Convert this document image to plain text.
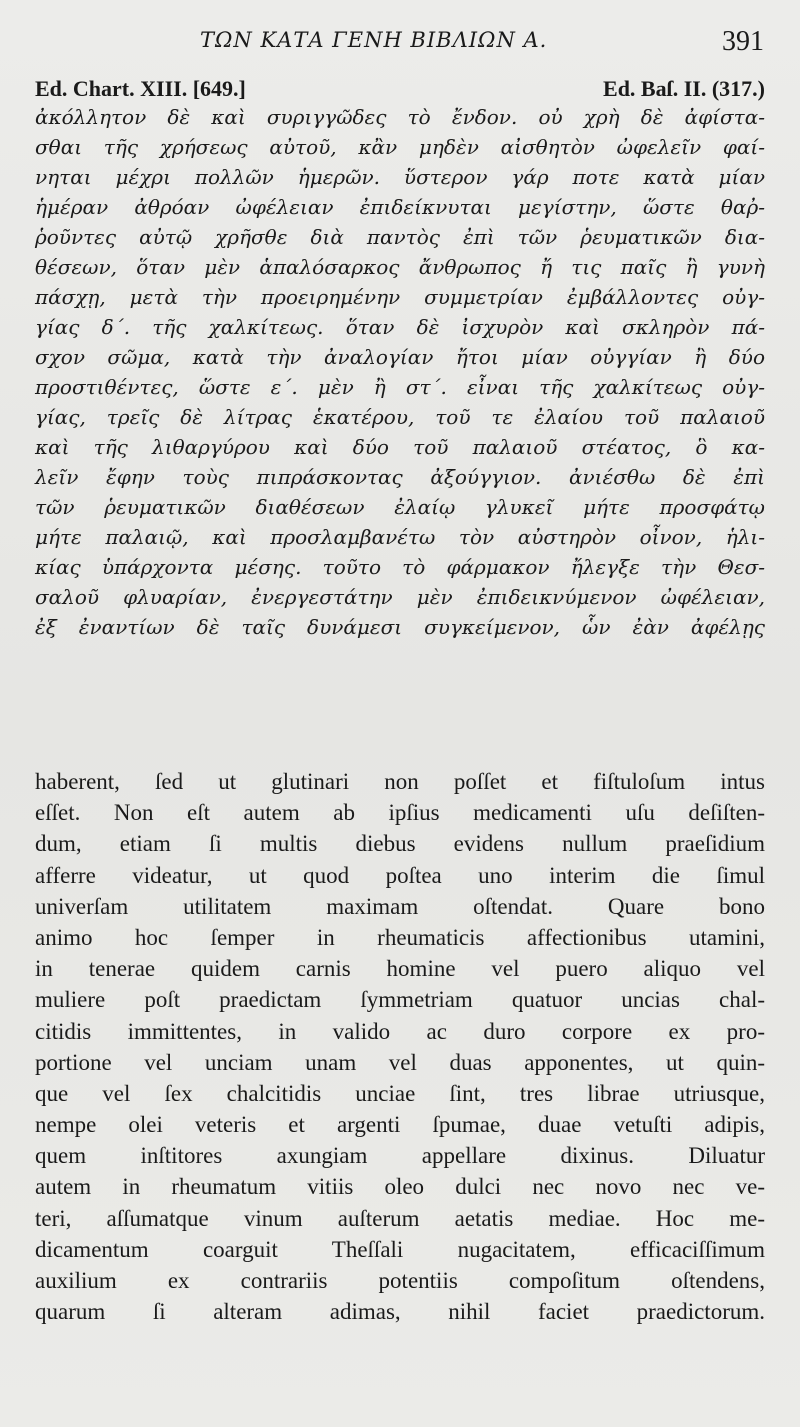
ΤΩΝ ΚΑΤΑ ΓΕΝΗ ΒΙΒΛΙΩΝ Α.	391
Ed. Chart. XIII. [649.]	Ed. Baſ. II. (317.)
ἀκόλλητον δὲ καὶ συριγγῶδες τὸ ἔνδον. οὐ χρὴ δὲ ἀφίστα-
σθαι τῆς χρήσεως αὐτοῦ, κἂν μηδὲν αἰσθητὸν ὠφελεῖν φαί-
νηται μέχρι πολλῶν ἡμερῶν. ὕστερον γάρ ποτε κατὰ μίαν
ἡμέραν ἀθρόαν ὠφέλειαν ἐπιδείκνυται μεγίστην, ὥστε θαῤ-
ῥοῦντες αὐτῷ χρῆσθε διὰ παντὸς ἐπὶ τῶν ῥευματικῶν δια-
θέσεων, ὅταν μὲν ἁπαλόσαρκος ἄνθρωπος ἤ τις παῖς ἢ γυνὴ
πάσχῃ, μετὰ τὴν προειρημένην συμμετρίαν ἐμβάλλοντες οὐγ-
γίας δ΄. τῆς χαλκίτεως. ὅταν δὲ ἰσχυρὸν καὶ σκληρὸν πά-
σχον σῶμα, κατὰ τὴν ἀναλογίαν ἤτοι μίαν οὐγγίαν ἢ δύο
προστιθέντες, ὥστε ε΄. μὲν ἢ στ΄. εἶναι τῆς χαλκίτεως οὐγ-
γίας, τρεῖς δὲ λίτρας ἑκατέρου, τοῦ τε ἐλαίου τοῦ παλαιοῦ
καὶ τῆς λιθαργύρου καὶ δύο τοῦ παλαιοῦ στέατος, ὃ κα-
λεῖν ἔφην τοὺς πιπράσκοντας ἀξούγγιον. ἀνιέσθω δὲ ἐπὶ
τῶν ῥευματικῶν διαθέσεων ἐλαίῳ γλυκεῖ μήτε προσφάτῳ
μήτε παλαιῷ, καὶ προσλαμβανέτω τὸν αὐστηρὸν οἶνον, ἡλι-
κίας ὑπάρχοντα μέσης. τοῦτο τὸ φάρμακον ἤλεγξε τὴν Θεσ-
σαλοῦ φλυαρίαν, ἐνεργεστάτην μὲν ἐπιδεικνύμενον ὠφέλειαν,
ἐξ ἐναντίων δὲ ταῖς δυνάμεσι συγκείμενον, ὧν ἐὰν ἀφέλῃς
haberent, ſed ut glutinari non poſſet et fiſtuloſum intus
eſſet. Non eſt autem ab ipſius medicamenti uſu deſiſten-
dum, etiam ſi multis diebus evidens nullum praeſidium
afferre videatur, ut quod poſtea uno interim die ſimul
univerſam utilitatem maximam oſtendat. Quare bono
animo hoc ſemper in rheumaticis affectionibus utamini,
in tenerae quidem carnis homine vel puero aliquo vel
muliere poſt praedictam ſymmetriam quatuor uncias chal-
citidis immittentes, in valido ac duro corpore ex pro-
portione vel unciam unam vel duas apponentes, ut quin-
que vel ſex chalcitidis unciae ſint, tres librae utriusque,
nempe olei veteris et argenti ſpumae, duae vetuſti adipis,
quem inſtitores axungiam appellare dixinus. Diluatur
autem in rheumatum vitiis oleo dulci nec novo nec ve-
teri, aſſumatque vinum auſterum aetatis mediae. Hoc me-
dicamentum coarguit Theſſali nugacitatem, efficaciſſimum
auxilium ex contrariis potentiis compoſitum oſtendens,
quarum ſi alteram adimas, nihil faciet praedictorum.
